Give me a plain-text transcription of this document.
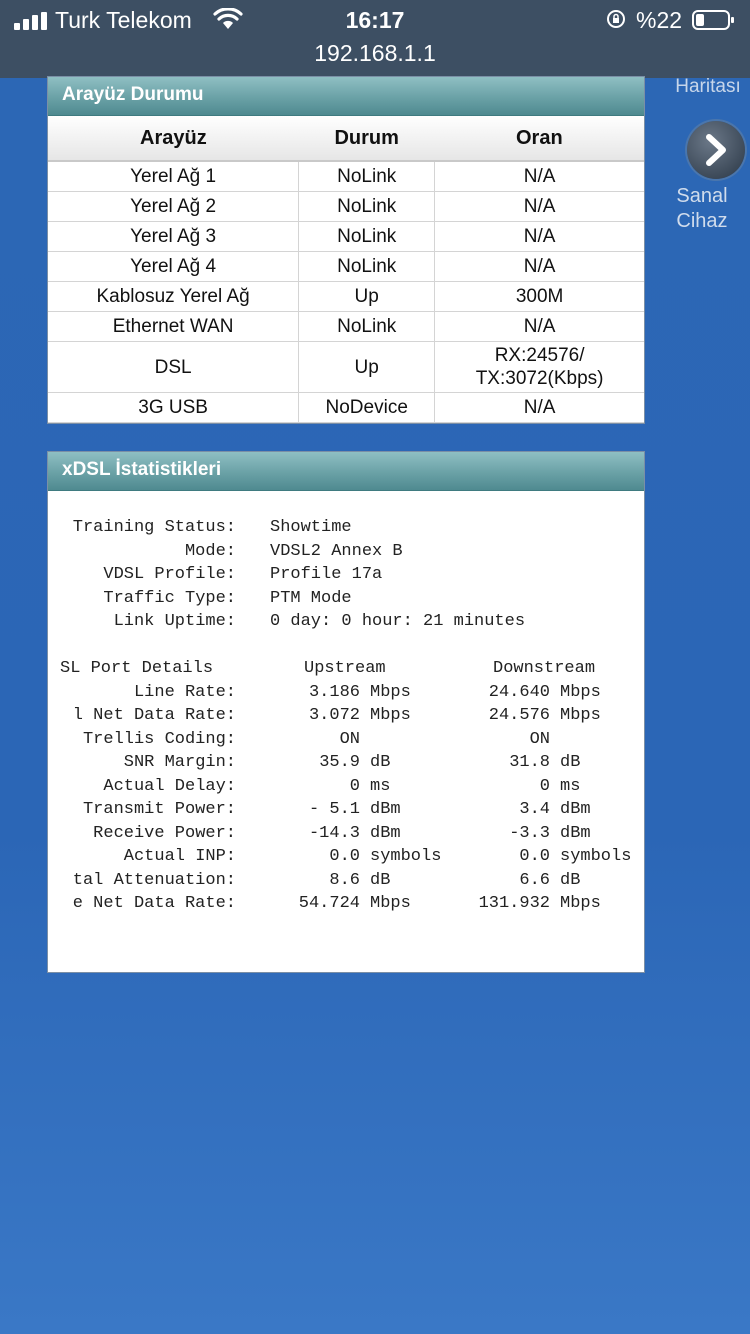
Turk Telekom	16:17	%22
192.168.1.1
Haritası
Sanal
Cihaz
Arayüz Durumu
Arayüz	Durum	Oran
Yerel Ağ 1	NoLink	N/A
Yerel Ağ 2	NoLink	N/A
Yerel Ağ 3	NoLink	N/A
Yerel Ağ 4	NoLink	N/A
Kablosuz Yerel Ağ	Up	300M
Ethernet WAN	NoLink	N/A
DSL	Up	RX:24576/
TX:3072(Kbps)

3G USB	NoDevice	N/A
xDSL İstatistikleri
Training Status: Showtime
Mode: VDSL2 Annex B
VDSL Profile: Profile 17a
Traffic Type: PTM Mode
Link Uptime: 0 day: 0 hour: 21 minutes
SL Port Details	Upstream	Downstream
Line Rate:	3.186 Mbps	24.640 Mbps
l Net Data Rate:	3.072 Mbps	24.576 Mbps
Trellis Coding:	ON	ON
SNR Margin:	35.9 dB	31.8 dB
Actual Delay:	0 ms	0 ms
Transmit Power:	- 5.1 dBm	3.4 dBm
Receive Power:	-14.3 dBm	-3.3 dBm
Actual INP:	0.0 symbols	0.0 symbols
tal Attenuation:	8.6 dB	6.6 dB
e Net Data Rate:	54.724 Mbps	131.932 Mbps
